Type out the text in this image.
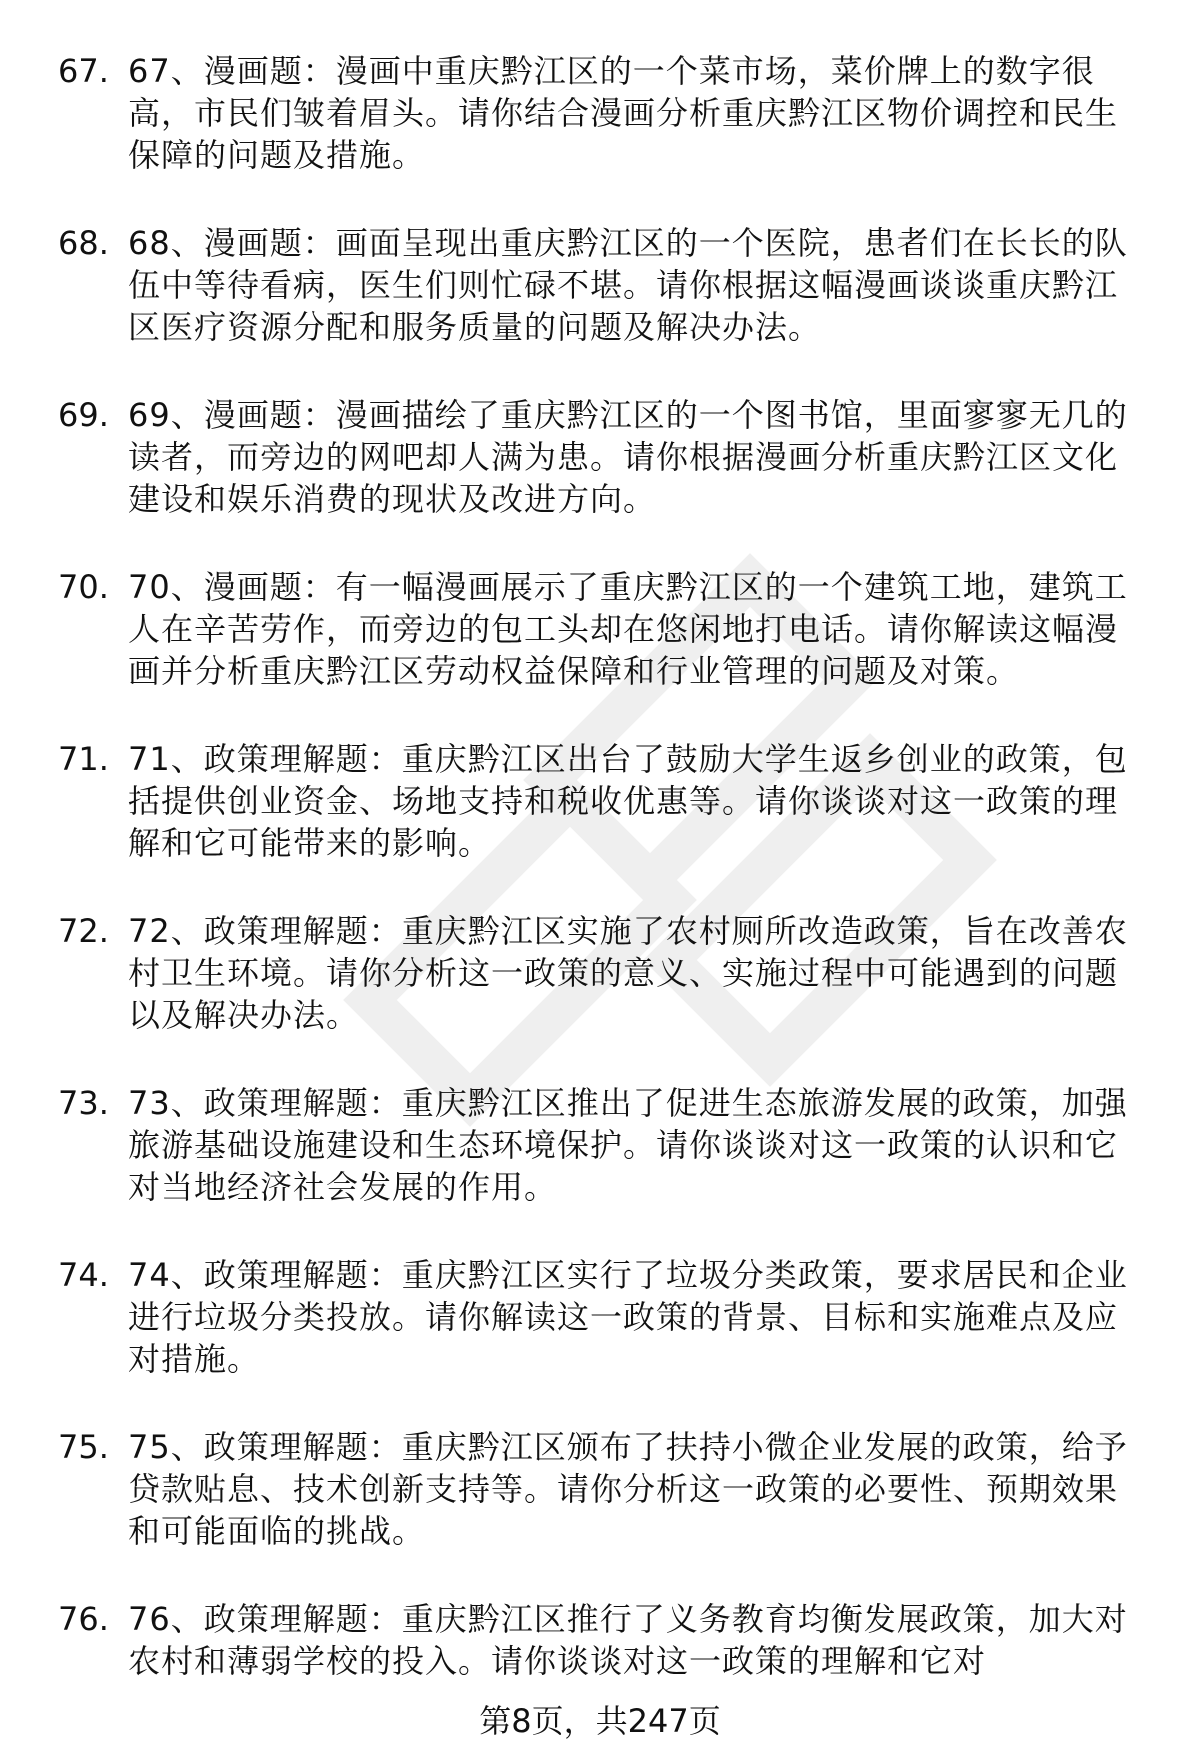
67. 67、漫画题：漫画中重庆黔江区的一个菜市场，菜价牌上的数字很高，市民们皱着眉头。请你结合漫画分析重庆黔江区物价调控和民生保障的问题及措施。
68. 68、漫画题：画面呈现出重庆黔江区的一个医院，患者们在长长的队伍中等待看病，医生们则忙碌不堪。请你根据这幅漫画谈谈重庆黔江区医疗资源分配和服务质量的问题及解决办法。
69. 69、漫画题：漫画描绘了重庆黔江区的一个图书馆，里面寥寥无几的读者，而旁边的网吧却人满为患。请你根据漫画分析重庆黔江区文化建设和娱乐消费的现状及改进方向。
70. 70、漫画题：有一幅漫画展示了重庆黔江区的一个建筑工地，建筑工人在辛苦劳作，而旁边的包工头却在悠闲地打电话。请你解读这幅漫画并分析重庆黔江区劳动权益保障和行业管理的问题及对策。
71. 71、政策理解题：重庆黔江区出台了鼓励大学生返乡创业的政策，包括提供创业资金、场地支持和税收优惠等。请你谈谈对这一政策的理解和它可能带来的影响。
72. 72、政策理解题：重庆黔江区实施了农村厕所改造政策，旨在改善农村卫生环境。请你分析这一政策的意义、实施过程中可能遇到的问题以及解决办法。
73. 73、政策理解题：重庆黔江区推出了促进生态旅游发展的政策，加强旅游基础设施建设和生态环境保护。请你谈谈对这一政策的认识和它对当地经济社会发展的作用。
74. 74、政策理解题：重庆黔江区实行了垃圾分类政策，要求居民和企业进行垃圾分类投放。请你解读这一政策的背景、目标和实施难点及应对措施。
75. 75、政策理解题：重庆黔江区颁布了扶持小微企业发展的政策，给予贷款贴息、技术创新支持等。请你分析这一政策的必要性、预期效果和可能面临的挑战。
76. 76、政策理解题：重庆黔江区推行了义务教育均衡发展政策，加大对农村和薄弱学校的投入。请你谈谈对这一政策的理解和它对
第8页，共247页
